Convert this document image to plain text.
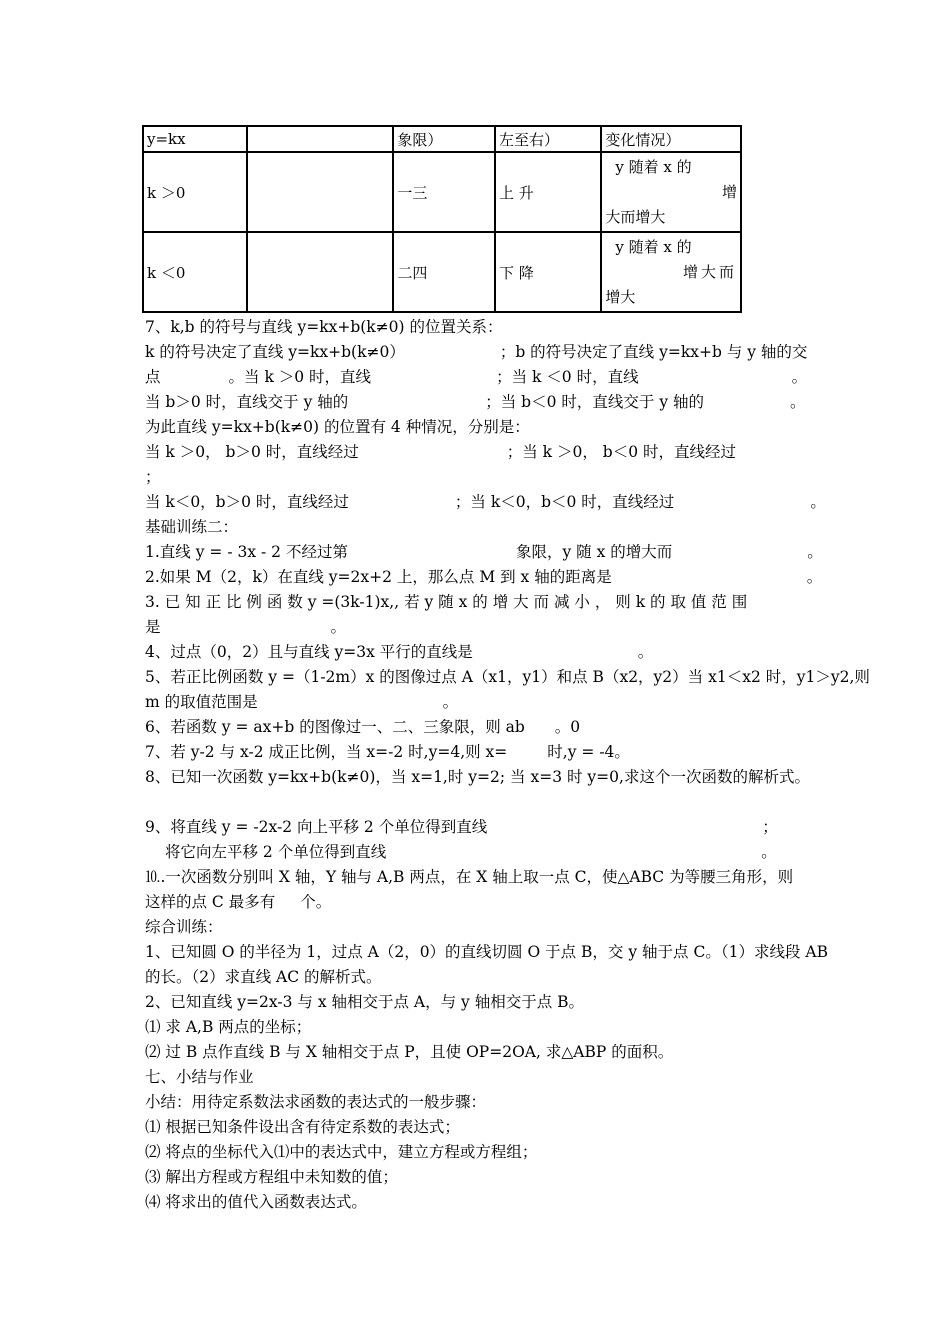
y=kx		象限）	左至右）	变化情况）
k ＞0		一三	上 升	y 随着 x 的
增
大而增大

k ＜0		二四	下 降	y 随着 x 的
增大而
增大
7、k,b 的符号与直线 y=kx+b(k≠0) 的位置关系：
k 的符号决定了直线 y=kx+b(k≠0）	；b 的符号决定了直线 y=kx+b 与 y 轴的交
点	。当 k ＞0 时，直线	；当 k ＜0 时，直线	。
当 b＞0 时，直线交于 y 轴的	；当 b＜0 时，直线交于 y 轴的	。
为此直线 y=kx+b(k≠0) 的位置有 4 种情况，分别是：
当 k ＞0， b＞0 时，直线经过	；当 k ＞0， b＜0 时，直线经过
；
当 k＜0，b＞0 时，直线经过	；当 k＜0，b＜0 时，直线经过	。
基础训练二：
1.直线 y = - 3x - 2 不经过第	象限，y 随 x 的增大而	。
2.如果 M（2，k）在直线 y=2x+2 上，那么点 M 到 x 轴的距离是	。
3. 已 知 正 比 例 函 数 y =(3k-1)x,, 若 y 随 x 的 增 大 而 减 小 ， 则 k 的 取 值 范 围
是	。
4、过点（0，2）且与直线 y=3x 平行的直线是	。
5、若正比例函数 y =（1-2m）x 的图像过点 A（x1，y1）和点 B（x2，y2）当 x1＜x2 时，y1＞y2,则
m 的取值范围是	。
6、若函数 y = ax+b 的图像过一、二、三象限，则 ab 。0
7、若 y-2 与 x-2 成正比例，当 x=-2 时,y=4,则 x=	时,y = -4。
8、已知一次函数 y=kx+b(k≠0)，当 x=1,时 y=2; 当 x=3 时 y=0,求这个一次函数的解析式。
9、将直线 y = -2x-2 向上平移 2 个单位得到直线	；
将它向左平移 2 个单位得到直线	。
⒑.一次函数分别叫 X 轴，Y 轴与 A,B 两点，在 X 轴上取一点 C，使△ABC 为等腰三角形，则
这样的点 C 最多有 个。
综合训练：
1、已知圆 O 的半径为 1，过点 A（2，0）的直线切圆 O 于点 B，交 y 轴于点 C。（1）求线段 AB
的长。（2）求直线 AC 的解析式。
2、已知直线 y=2x-3 与 x 轴相交于点 A，与 y 轴相交于点 B。
⑴ 求 A,B 两点的坐标；
⑵ 过 B 点作直线 B 与 X 轴相交于点 P，且使 OP=2OA, 求△ABP 的面积。
七、小结与作业
小结：用待定系数法求函数的表达式的一般步骤：
⑴ 根据已知条件设出含有待定系数的表达式；
⑵ 将点的坐标代入⑴中的表达式中，建立方程或方程组；
⑶ 解出方程或方程组中未知数的值；
⑷ 将求出的值代入函数表达式。
